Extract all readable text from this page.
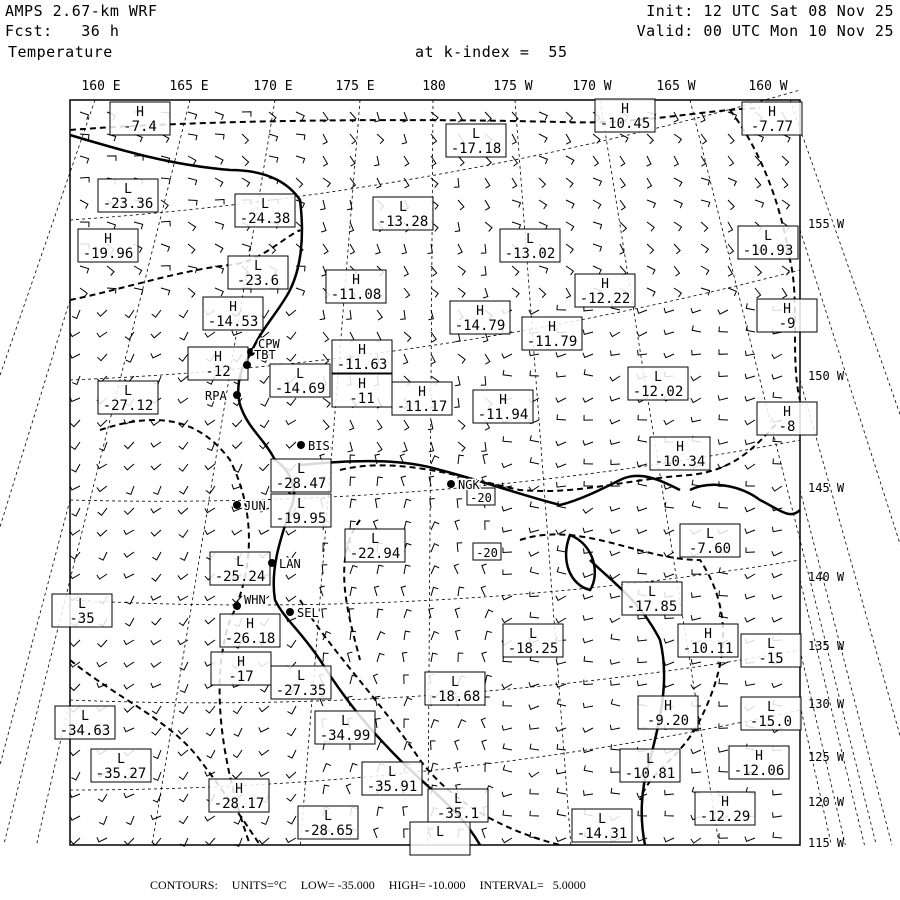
AMPS 2.67-km WRF
Fcst:   36 h
Temperature
Init: 12 UTC Sat 08 Nov 25
Valid: 00 UTC Mon 10 Nov 25
at k-index =  55
160 E	165 E	170 E	175 E	180	175 W	170 W	165 W	160 W
155 W
150 W
145 W
140 W
135 W
130 W
125 W
120 W
115 W
H
-7.4	L
-17.18
H
-10.45
H
-7.77
L
-23.36	L
-24.38
L
-13.28
H
-19.96
L
-13.02
L
-10.93
L
-23.6	H
-11.08
H
-12.22
H
-14.79	H
-11.79
H
-9
H
-14.53
H
-12	L
-14.69
H
-11.63
L
-27.12
H
-11	H
-11.17	H
-11.94
L
-12.02
H
-8
H
-10.34
L
-28.47
L
-19.95
L
-22.94
L
-25.24
L
-7.60
H
-26.18
L
-35
H
-17
L
-17.85
L
-18.25
H
-10.11	L
-15
L
-27.35
L
-18.68
L
-34.63
L
-34.99
H
-9.20
L
-15.0
L
-35.27
L
-10.81
H
-12.06
L
-35.91
H
-28.17	L
-35.1
H
-12.29
L
-28.65
L
-14.31
L
-20
-20
CPW
TBT
RPA
BIS
NGK
JUN
LAN
WHN
SEL
CONTOURS: UNITS=°C LOW= -35.000 HIGH= -10.000 INTERVAL=   5.0000
